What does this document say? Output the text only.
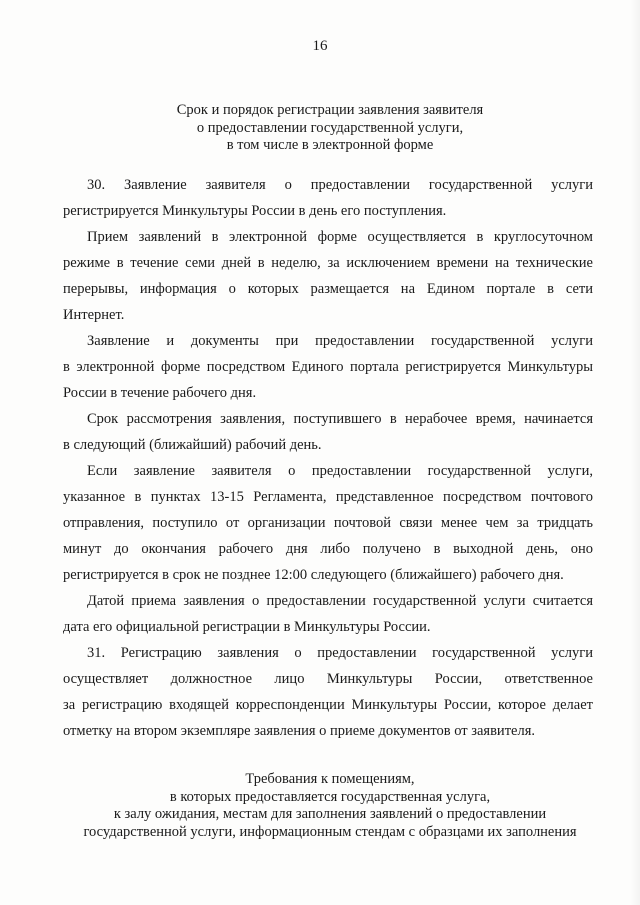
16
Срок и порядок регистрации заявления заявителя
о предоставлении государственной услуги,
в том числе в электронной форме
30. Заявление заявителя о предоставлении государственной услуги
регистрируется Минкультуры России в день его поступления.
Прием заявлений в электронной форме осуществляется в круглосуточном
режиме в течение семи дней в неделю, за исключением времени на технические
перерывы, информация о которых размещается на Едином портале в сети
Интернет.
Заявление и документы при предоставлении государственной услуги
в электронной форме посредством Единого портала регистрируется Минкультуры
России в течение рабочего дня.
Срок рассмотрения заявления, поступившего в нерабочее время, начинается
в следующий (ближайший) рабочий день.
Если заявление заявителя о предоставлении государственной услуги,
указанное в пунктах 13-15 Регламента, представленное посредством почтового
отправления, поступило от организации почтовой связи менее чем за тридцать
минут до окончания рабочего дня либо получено в выходной день, оно
регистрируется в срок не позднее 12:00 следующего (ближайшего) рабочего дня.
Датой приема заявления о предоставлении государственной услуги считается
дата его официальной регистрации в Минкультуры России.
31. Регистрацию заявления о предоставлении государственной услуги
осуществляет должностное лицо Минкультуры России, ответственное
за регистрацию входящей корреспонденции Минкультуры России, которое делает
отметку на втором экземпляре заявления о приеме документов от заявителя.
Требования к помещениям,
в которых предоставляется государственная услуга,
к залу ожидания, местам для заполнения заявлений о предоставлении
государственной услуги, информационным стендам с образцами их заполнения
